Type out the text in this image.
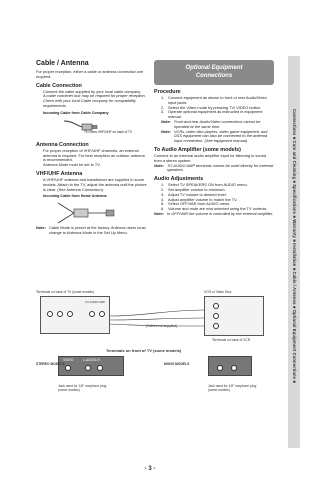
Connections ■ Care and Cleaning ■ Specifications ■ Warranty ■ Installation ■ Cable / Antenna ■ Optional Equipment Connections ■
Cable / Antenna

For proper reception, either a cable or antenna connection are required.

Cable Connection

Connect the cable supplied by your local cable company.

A cable converter box may be required for proper reception. Check with your local Cable company for compatibility requirements.

Incoming Cable from Cable Company

75 Ohms VHF/UHF on back of TV

Antenna Connection

For proper reception of VHF/UHF channels, an external antenna is required. For best reception an outdoor antenna is recommended.

Antenna Mode must be set to TV.

VHF/UHF Antenna

A VHF/UHF antenna and transformer are supplied in some models. Attach to the TV, adjust the antenna until the picture is clear. (See Antenna Connection).

Incoming Cable from Home Antenna

Note: Cable Mode is preset at the factory. Antenna users must change to Antenna Mode in the Set Up Menu.

Optional Equipment
Connections
Procedure
1. Connect equipment as shown to front or rear Audio/Video input jacks.
2. Select the Video mode by pressing TV/ VIDEO button.
3. Operate optional equipment as instructed in equipment manual.

Note: Front and rear Audio/Video connections cannot be operated at the same time.

Note: VCRs, video disc players, video game equipment, and DSS equipment can also be connected to the antenna input connection. (See equipment manual).

To Audio Amplifier (some models)

Connect to an external audio amplifier input for listening to sound from a stereo system.

Note: TO AUDIO AMP terminals cannot be used directly for external speakers.

Audio Adjustments
1. Select TV SPEAKERS ON from AUDIO menu.
2. Set amplifier volume to minimum.
3. Adjust TV volume to desired level.
4. Adjust amplifier volume to match the TV.
5. Select OFF/VAR from AUDIO menu.
6. Volume and mute are now selected using the TV controls.

Note: In OFF/VAR the volume is controlled by the external amplifier.

Terminals on back of TV (some models)	VCR or Video Disc
TO AUDIO AMP
(Cables not supplied)
Terminals on back of VCR
Terminals on front of TV (some models)
VIDEO	L-AUDIO-R
STEREO MODELS	MONO MODELS
Jack used for 1/8" earphone plug (some models)
Jack used for 1/8" earphone plug (some models)
- 3 -
